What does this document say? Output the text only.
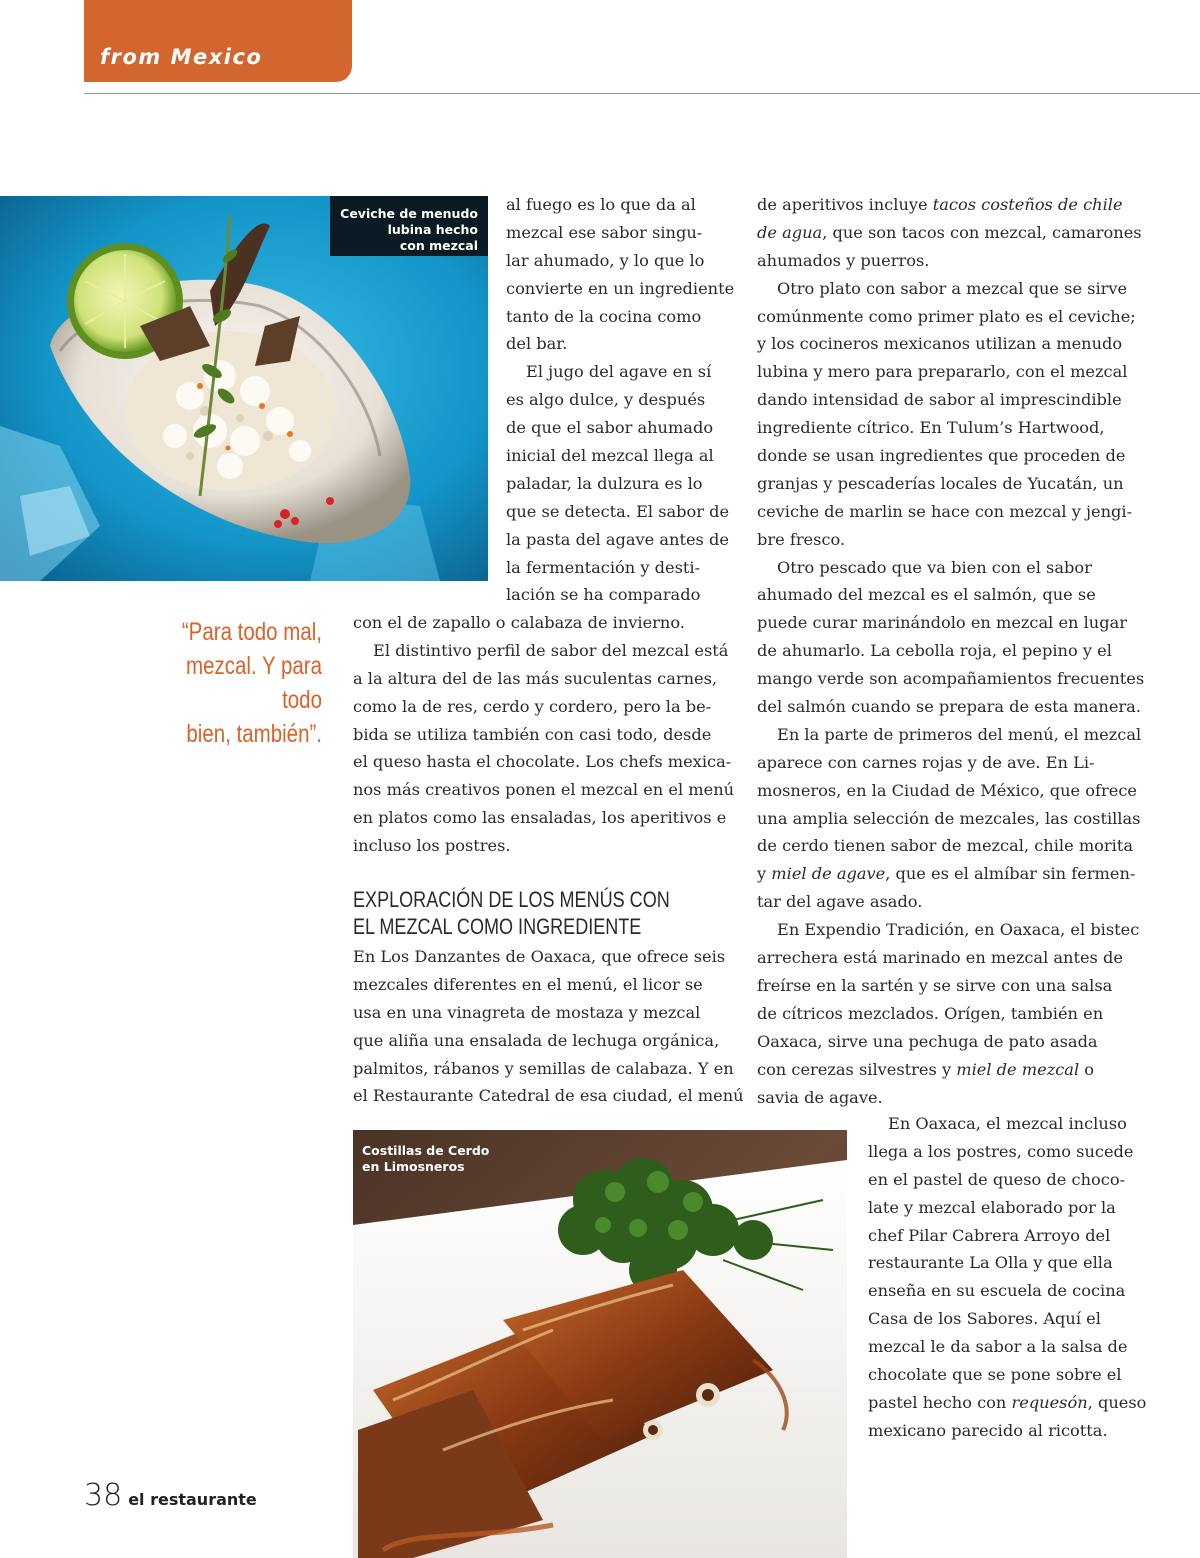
from Mexico
Ceviche de menudo
lubina hecho
con mezcal
“Para todo mal,
mezcal. Y para todo
bien, también”.
al fuego es lo que da al
mezcal ese sabor singu-
lar ahumado, y lo que lo
convierte en un ingrediente
tanto de la cocina como
del bar.
El jugo del agave en sí
es algo dulce, y después
de que el sabor ahumado
inicial del mezcal llega al
paladar, la dulzura es lo
que se detecta. El sabor de
la pasta del agave antes de
la fermentación y desti-
lación se ha comparado
con el de zapallo o calabaza de invierno.
El distintivo perfil de sabor del mezcal está
a la altura del de las más suculentas carnes,
como la de res, cerdo y cordero, pero la be-
bida se utiliza también con casi todo, desde
el queso hasta el chocolate. Los chefs mexica-
nos más creativos ponen el mezcal en el menú
en platos como las ensaladas, los aperitivos e
incluso los postres.
EXPLORACIÓN DE LOS MENÚS CON
EL MEZCAL COMO INGREDIENTE
En Los Danzantes de Oaxaca, que ofrece seis
mezcales diferentes en el menú, el licor se
usa en una vinagreta de mostaza y mezcal
que aliña una ensalada de lechuga orgánica,
palmitos, rábanos y semillas de calabaza. Y en
el Restaurante Catedral de esa ciudad, el menú
de aperitivos incluye tacos costeños de chile
de agua, que son tacos con mezcal, camarones
ahumados y puerros.
Otro plato con sabor a mezcal que se sirve
comúnmente como primer plato es el ceviche;
y los cocineros mexicanos utilizan a menudo
lubina y mero para prepararlo, con el mezcal
dando intensidad de sabor al imprescindible
ingrediente cítrico. En Tulum’s Hartwood,
donde se usan ingredientes que proceden de
granjas y pescaderías locales de Yucatán, un
ceviche de marlin se hace con mezcal y jengi-
bre fresco.
Otro pescado que va bien con el sabor
ahumado del mezcal es el salmón, que se
puede curar marinándolo en mezcal en lugar
de ahumarlo. La cebolla roja, el pepino y el
mango verde son acompañamientos frecuentes
del salmón cuando se prepara de esta manera.
En la parte de primeros del menú, el mezcal
aparece con carnes rojas y de ave. En Li-
mosneros, en la Ciudad de México, que ofrece
una amplia selección de mezcales, las costillas
de cerdo tienen sabor de mezcal, chile morita
y miel de agave, que es el almíbar sin fermen-
tar del agave asado.
En Expendio Tradición, en Oaxaca, el bistec
arrechera está marinado en mezcal antes de
freírse en la sartén y se sirve con una salsa
de cítricos mezclados. Orígen, también en
Oaxaca, sirve una pechuga de pato asada
con cerezas silvestres y miel de mezcal o
savia de agave.
En Oaxaca, el mezcal incluso
llega a los postres, como sucede
en el pastel de queso de choco-
late y mezcal elaborado por la
chef Pilar Cabrera Arroyo del
restaurante La Olla y que ella
enseña en su escuela de cocina
Casa de los Sabores. Aquí el
mezcal le da sabor a la salsa de
chocolate que se pone sobre el
pastel hecho con requesón, queso
mexicano parecido al ricotta.
Costillas de Cerdo
en Limosneros
38 el restaurante
